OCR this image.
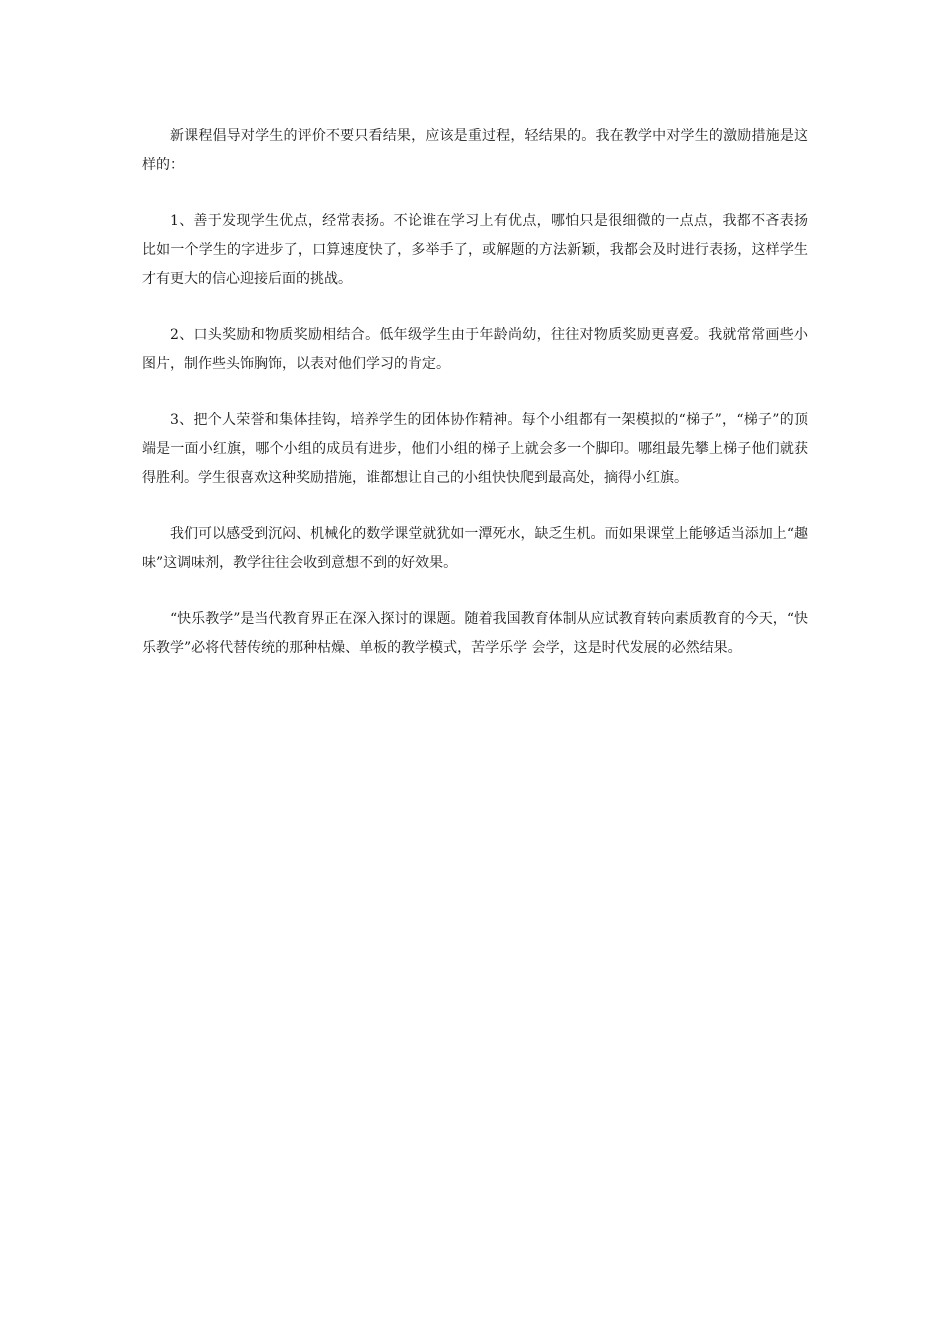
新课程倡导对学生的评价不要只看结果，应该是重过程，轻结果的。我在教学中对学生的激励措施是这样的：

1、善于发现学生优点，经常表扬。不论谁在学习上有优点，哪怕只是很细微的一点点，我都不吝表扬比如一个学生的字进步了，口算速度快了，多举手了，或解题的方法新颖，我都会及时进行表扬，这样学生才有更大的信心迎接后面的挑战。

2、口头奖励和物质奖励相结合。低年级学生由于年龄尚幼，往往对物质奖励更喜爱。我就常常画些小图片，制作些头饰胸饰，以表对他们学习的肯定。

3、把个人荣誉和集体挂钩，培养学生的团体协作精神。每个小组都有一架模拟的“梯子”，“梯子”的顶端是一面小红旗，哪个小组的成员有进步，他们小组的梯子上就会多一个脚印。哪组最先攀上梯子他们就获得胜利。学生很喜欢这种奖励措施，谁都想让自己的小组快快爬到最高处，摘得小红旗。

我们可以感受到沉闷、机械化的数学课堂就犹如一潭死水，缺乏生机。而如果课堂上能够适当添加上“趣味”这调味剂，教学往往会收到意想不到的好效果。

“快乐教学”是当代教育界正在深入探讨的课题。随着我国教育体制从应试教育转向素质教育的今天，“快乐教学”必将代替传统的那种枯燥、单板的教学模式，苦学乐学 会学，这是时代发展的必然结果。
